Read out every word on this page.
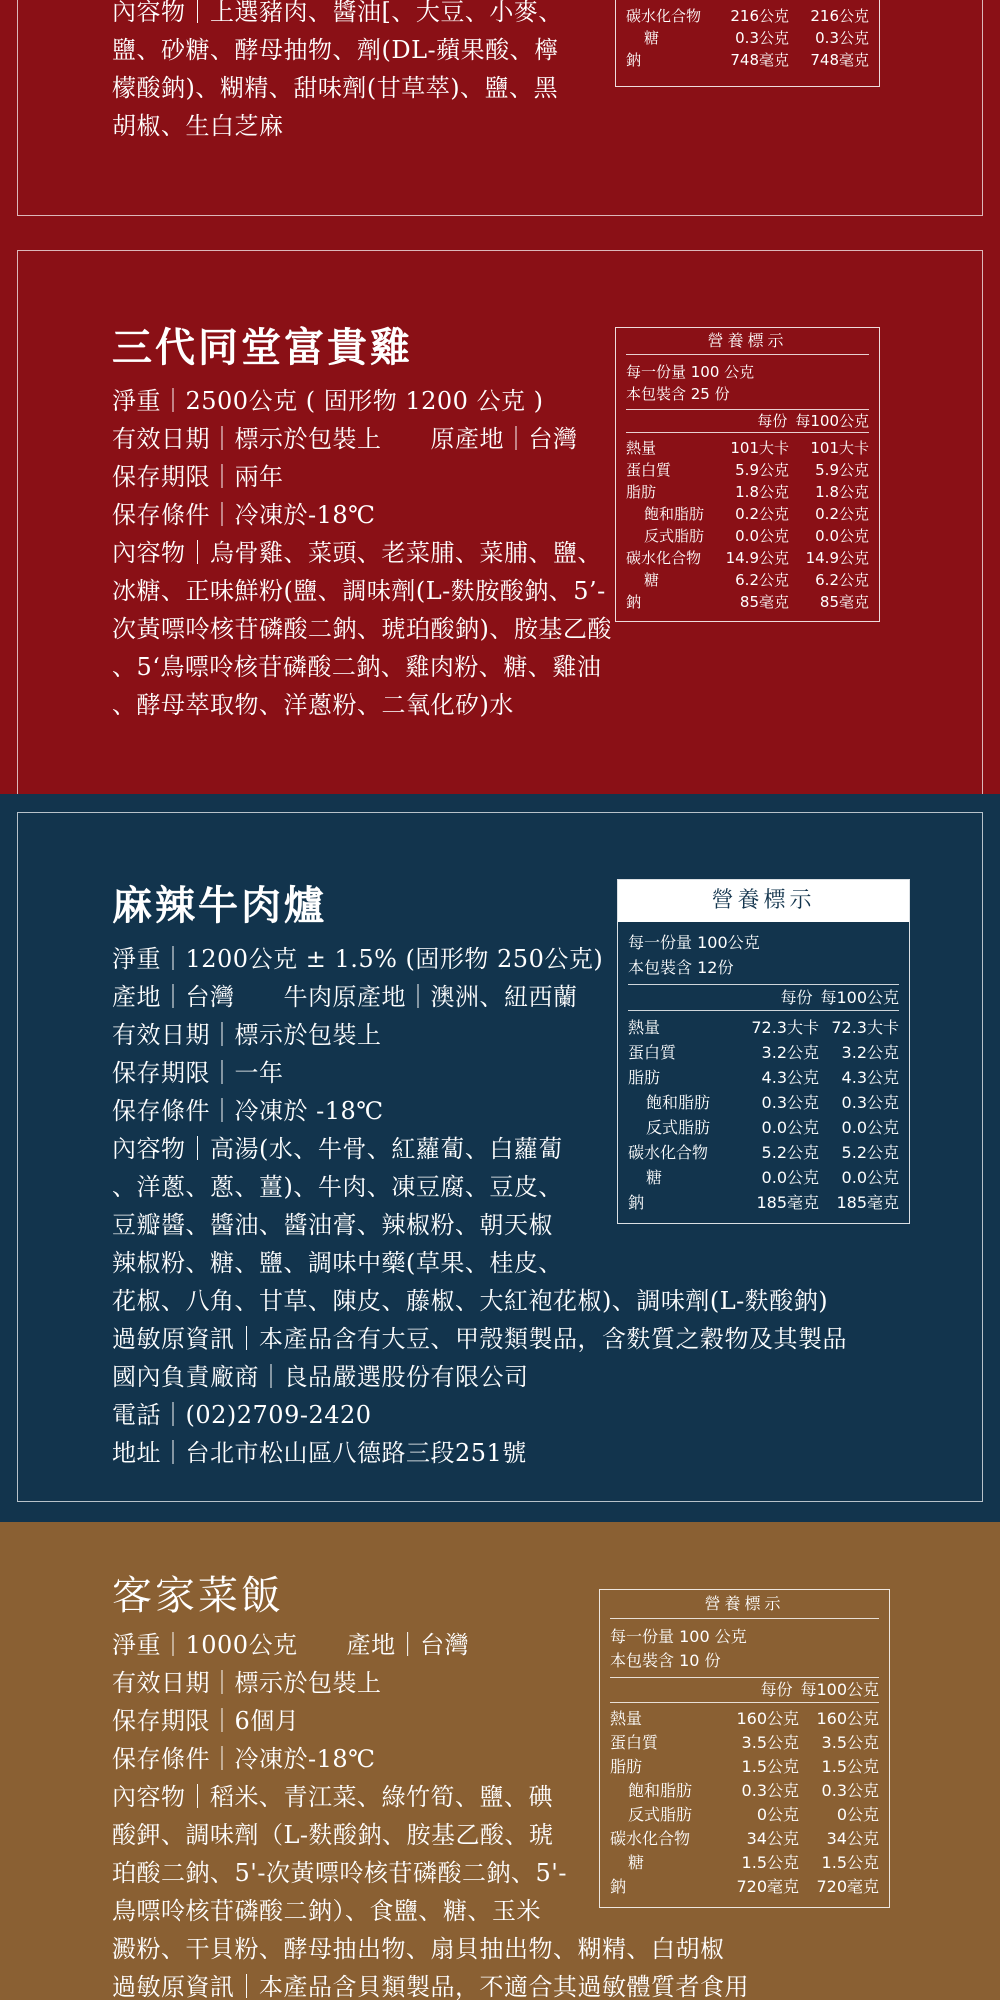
內容物｜上選豬肉、醬油[、大豆、小麥、

鹽、砂糖、酵母抽物、劑(DL-蘋果酸、檸

檬酸鈉)、糊精、甜味劑(甘草萃)、鹽、黑

胡椒、生白芝麻

碳水化合物	216公克	216公克
糖	0.3公克	0.3公克
鈉	748毫克	748毫克
三代同堂富貴雞

淨重｜2500公克 ( 固形物 1200 公克 )

有效日期｜標示於包裝上　　原產地｜台灣

保存期限｜兩年

保存條件｜冷凍於-18℃

內容物｜烏骨雞、菜頭、老菜脯、菜脯、鹽、

冰糖、正味鮮粉(鹽、調味劑(L-麩胺酸鈉、5’-

次黃嘌呤核苷磷酸二鈉、琥珀酸鈉)、胺基乙酸

、5‘鳥嘌呤核苷磷酸二鈉、雞肉粉、糖、雞油

、酵母萃取物、洋蔥粉、二氧化矽)水

營養標示
每一份量 100 公克
本包裝含 25 份
每份 每100公克
熱量	101大卡	101大卡
蛋白質	5.9公克	5.9公克
脂肪	1.8公克	1.8公克
飽和脂肪	0.2公克	0.2公克
反式脂肪	0.0公克	0.0公克
碳水化合物	14.9公克	14.9公克
糖	6.2公克	6.2公克
鈉	85毫克	85毫克
麻辣牛肉爐

淨重｜1200公克 ± 1.5% (固形物 250公克)

產地｜台灣　　牛肉原產地｜澳洲、紐西蘭

有效日期｜標示於包裝上

保存期限｜一年

保存條件｜冷凍於 -18℃

內容物｜高湯(水、牛骨、紅蘿蔔、白蘿蔔

、洋蔥、蔥、薑)、牛肉、凍豆腐、豆皮、

豆瓣醬、醬油、醬油膏、辣椒粉、朝天椒

辣椒粉、糖、鹽、調味中藥(草果、桂皮、

花椒、八角、甘草、陳皮、藤椒、大紅袍花椒)、調味劑(L-麩酸鈉)

過敏原資訊｜本產品含有大豆、甲殼類製品，含麩質之穀物及其製品

國內負責廠商｜良品嚴選股份有限公司

電話｜(02)2709-2420

地址｜台北市松山區八德路三段251號

營養標示
每一份量 100公克
本包裝含 12份
每份 每100公克
熱量	72.3大卡 72.3大卡
蛋白質	3.2公克	3.2公克
脂肪	4.3公克	4.3公克
飽和脂肪	0.3公克	0.3公克
反式脂肪	0.0公克	0.0公克
碳水化合物	5.2公克	5.2公克
糖	0.0公克	0.0公克
鈉	185毫克	185毫克
客家菜飯

淨重｜1000公克　　產地｜台灣

有效日期｜標示於包裝上

保存期限｜6個月

保存條件｜冷凍於-18℃

內容物｜稻米、青江菜、綠竹筍、鹽、碘

酸鉀、調味劑（L-麩酸鈉、胺基乙酸、琥

珀酸二鈉、5'-次黃嘌呤核苷磷酸二鈉、5'-

鳥嘌呤核苷磷酸二鈉）、食鹽、糖、玉米

澱粉、干貝粉、酵母抽出物、扇貝抽出物、糊精、白胡椒

過敏原資訊｜本產品含貝類製品，不適合其過敏體質者食用

營養標示
每一份量 100 公克
本包裝含 10 份
每份 每100公克
熱量	160公克	160公克
蛋白質	3.5公克	3.5公克
脂肪	1.5公克	1.5公克
飽和脂肪	0.3公克	0.3公克
反式脂肪	0公克	0公克
碳水化合物	34公克	34公克
糖	1.5公克	1.5公克
鈉	720毫克	720毫克
